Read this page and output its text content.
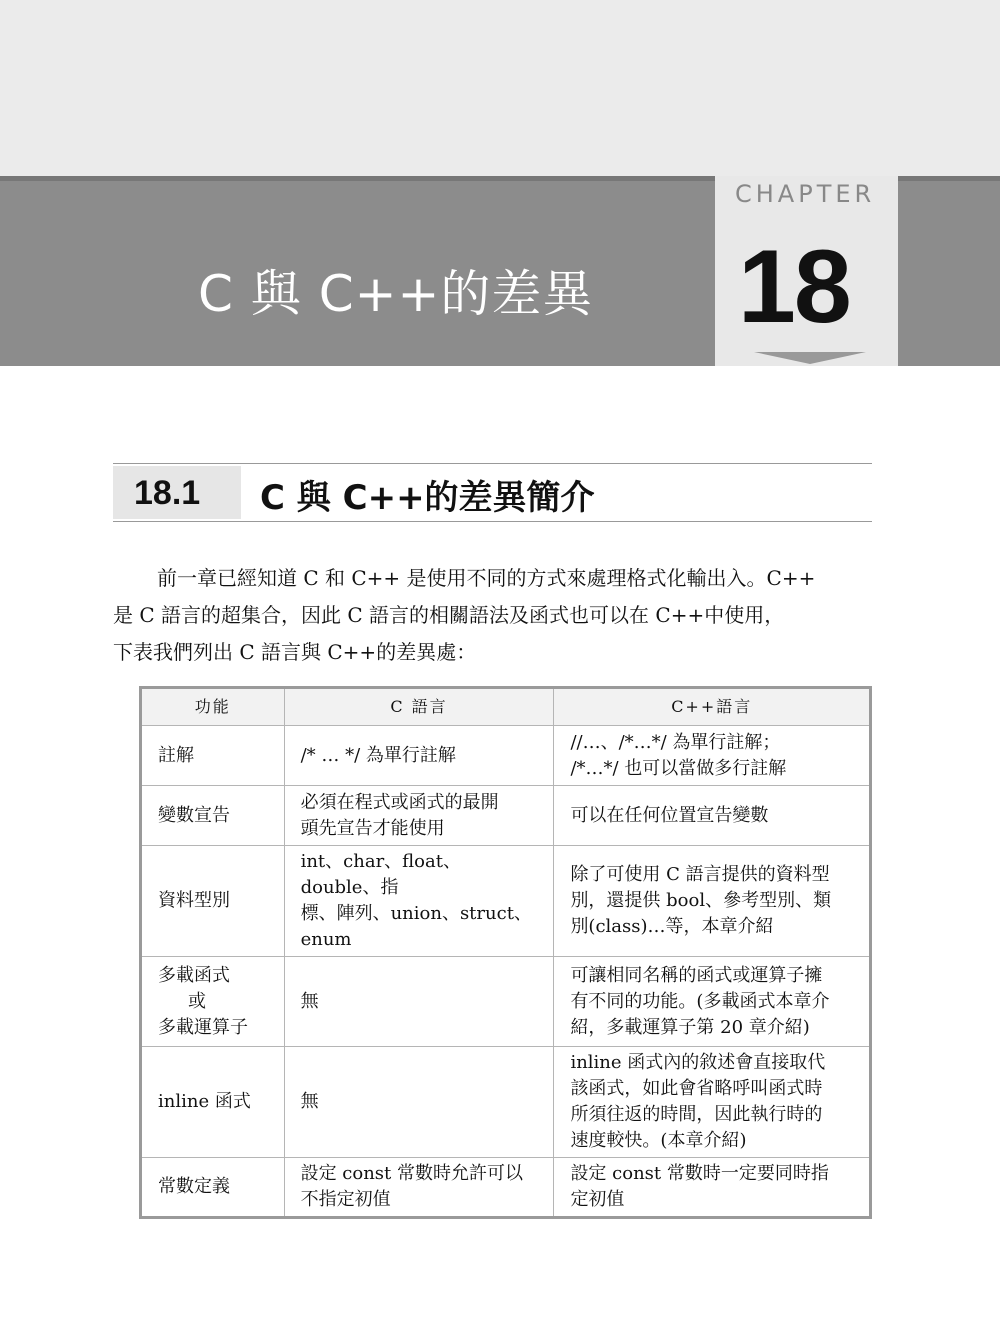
C 與 C++的差異
CHAPTER
18
18.1 C 與 C++的差異簡介

前一章已經知道 C 和 C++ 是使用不同的方式來處理格式化輸出入。C++

是 C 語言的超集合，因此 C 語言的相關語法及函式也可以在 C++中使用，

下表我們列出 C 語言與 C++的差異處：

功能	C 語言	C++語言

註解	/* … */ 為單行註解	//…、/*…*/ 為單行註解；
/*…*/ 也可以當做多行註解

變數宣告	必須在程式或函式的最開
頭先宣告才能使用	可以在任何位置宣告變數

資料型別	int、char、float、double、指
標、陣列、union、struct、
enum	除了可使用 C 語言提供的資料型
別，還提供 bool、參考型別、類
別(class)…等，本章介紹

多載函式
或
多載運算子	無	可讓相同名稱的函式或運算子擁
有不同的功能。(多載函式本章介
紹，多載運算子第 20 章介紹)

inline 函式	無	inline 函式內的敘述會直接取代
該函式，如此會省略呼叫函式時
所須往返的時間，因此執行時的
速度較快。(本章介紹)

常數定義	設定 const 常數時允許可以
不指定初值	設定 const 常數時一定要同時指
定初值
